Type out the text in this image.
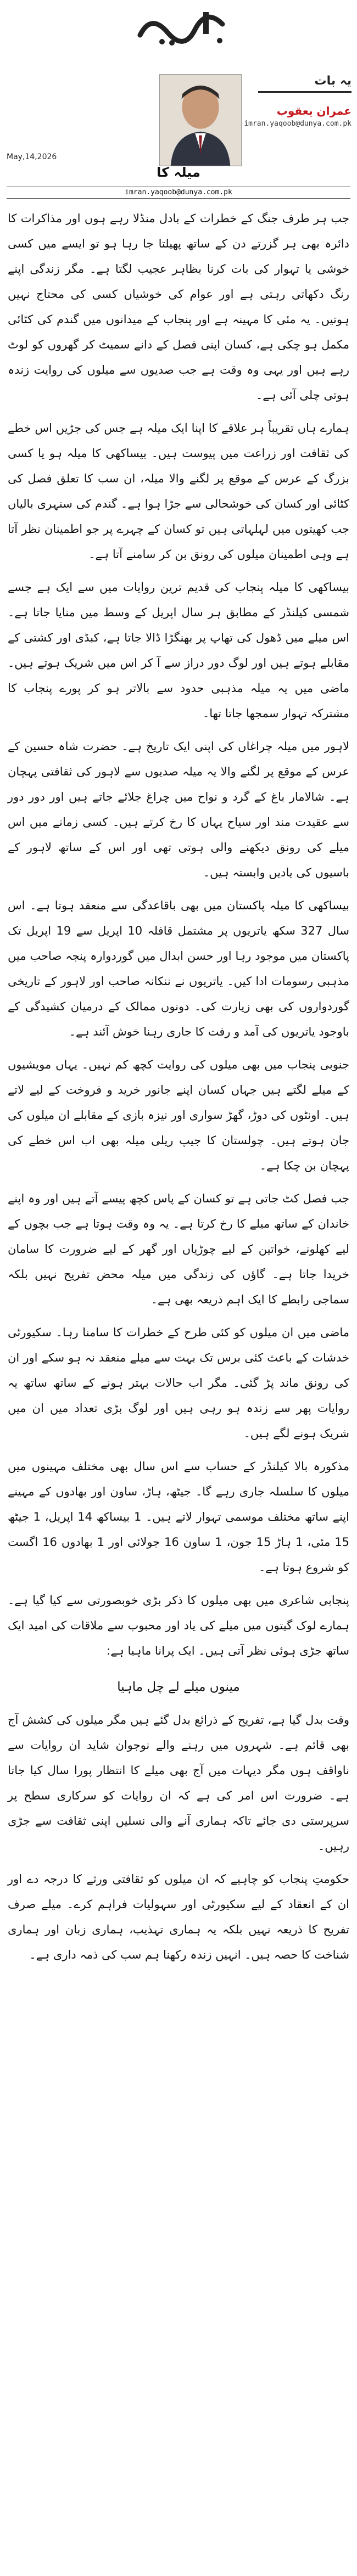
یہ بات
عمران یعقوب
imran.yaqoob@dunya.com.pk
May,14,2026
میلہ کا
imran.yaqoob@dunya.com.pk

جب ہر طرف جنگ کے خطرات کے بادل منڈلا رہے ہوں اور مذاکرات کا دائرہ بھی ہر گزرتے دن کے ساتھ پھیلتا جا رہا ہو تو ایسے میں کسی خوشی یا تہوار کی بات کرنا بظاہر عجیب لگتا ہے۔ مگر زندگی اپنے رنگ دکھاتی رہتی ہے اور عوام کی خوشیاں کسی کی محتاج نہیں ہوتیں۔ یہ مئی کا مہینہ ہے اور پنجاب کے میدانوں میں گندم کی کٹائی مکمل ہو چکی ہے، کسان اپنی فصل کے دانے سمیٹ کر گھروں کو لوٹ رہے ہیں اور یہی وہ وقت ہے جب صدیوں سے میلوں کی روایت زندہ ہوتی چلی آئی ہے۔

ہمارے ہاں تقریباً ہر علاقے کا اپنا ایک میلہ ہے جس کی جڑیں اس خطے کی ثقافت اور زراعت میں پیوست ہیں۔ بیساکھی کا میلہ ہو یا کسی بزرگ کے عرس کے موقع پر لگنے والا میلہ، ان سب کا تعلق فصل کی کٹائی اور کسان کی خوشحالی سے جڑا ہوا ہے۔ گندم کی سنہری بالیاں جب کھیتوں میں لہلہاتی ہیں تو کسان کے چہرے پر جو اطمینان نظر آتا ہے وہی اطمینان میلوں کی رونق بن کر سامنے آتا ہے۔

بیساکھی کا میلہ پنجاب کی قدیم ترین روایات میں سے ایک ہے جسے شمسی کیلنڈر کے مطابق ہر سال اپریل کے وسط میں منایا جاتا ہے۔ اس میلے میں ڈھول کی تھاپ پر بھنگڑا ڈالا جاتا ہے، کبڈی اور کشتی کے مقابلے ہوتے ہیں اور لوگ دور دراز سے آ کر اس میں شریک ہوتے ہیں۔ ماضی میں یہ میلہ مذہبی حدود سے بالاتر ہو کر پورے پنجاب کا مشترکہ تہوار سمجھا جاتا تھا۔

لاہور میں میلہ چراغاں کی اپنی ایک تاریخ ہے۔ حضرت شاہ حسین کے عرس کے موقع پر لگنے والا یہ میلہ صدیوں سے لاہور کی ثقافتی پہچان ہے۔ شالامار باغ کے گرد و نواح میں چراغ جلائے جاتے ہیں اور دور دور سے عقیدت مند اور سیاح یہاں کا رخ کرتے ہیں۔ کسی زمانے میں اس میلے کی رونق دیکھنے والی ہوتی تھی اور اس کے ساتھ لاہور کے باسیوں کی یادیں وابستہ ہیں۔

بیساکھی کا میلہ پاکستان میں بھی باقاعدگی سے منعقد ہوتا ہے۔ اس سال 327 سکھ یاتریوں پر مشتمل قافلہ 10 اپریل سے 19 اپریل تک پاکستان میں موجود رہا اور حسن ابدال میں گوردوارہ پنجہ صاحب میں مذہبی رسومات ادا کیں۔ یاتریوں نے ننکانہ صاحب اور لاہور کے تاریخی گوردواروں کی بھی زیارت کی۔ دونوں ممالک کے درمیان کشیدگی کے باوجود یاتریوں کی آمد و رفت کا جاری رہنا خوش آئند ہے۔

جنوبی پنجاب میں بھی میلوں کی روایت کچھ کم نہیں۔ یہاں مویشیوں کے میلے لگتے ہیں جہاں کسان اپنے جانور خرید و فروخت کے لیے لاتے ہیں۔ اونٹوں کی دوڑ، گھڑ سواری اور نیزہ بازی کے مقابلے ان میلوں کی جان ہوتے ہیں۔ چولستان کا جیپ ریلی میلہ بھی اب اس خطے کی پہچان بن چکا ہے۔

جب فصل کٹ جاتی ہے تو کسان کے پاس کچھ پیسے آتے ہیں اور وہ اپنے خاندان کے ساتھ میلے کا رخ کرتا ہے۔ یہ وہ وقت ہوتا ہے جب بچوں کے لیے کھلونے، خواتین کے لیے چوڑیاں اور گھر کے لیے ضرورت کا سامان خریدا جاتا ہے۔ گاؤں کی زندگی میں میلہ محض تفریح نہیں بلکہ سماجی رابطے کا ایک اہم ذریعہ بھی ہے۔

ماضی میں ان میلوں کو کئی طرح کے خطرات کا سامنا رہا۔ سکیورٹی خدشات کے باعث کئی برس تک بہت سے میلے منعقد نہ ہو سکے اور ان کی رونق ماند پڑ گئی۔ مگر اب حالات بہتر ہونے کے ساتھ ساتھ یہ روایات پھر سے زندہ ہو رہی ہیں اور لوگ بڑی تعداد میں ان میں شریک ہونے لگے ہیں۔

مذکورہ بالا کیلنڈر کے حساب سے اس سال بھی مختلف مہینوں میں میلوں کا سلسلہ جاری رہے گا۔ جیٹھ، ہاڑ، ساون اور بھادوں کے مہینے اپنے ساتھ مختلف موسمی تہوار لاتے ہیں۔ 1 بیساکھ 14 اپریل، 1 جیٹھ 15 مئی، 1 ہاڑ 15 جون، 1 ساون 16 جولائی اور 1 بھادوں 16 اگست کو شروع ہوتا ہے۔

پنجابی شاعری میں بھی میلوں کا ذکر بڑی خوبصورتی سے کیا گیا ہے۔ ہمارے لوک گیتوں میں میلے کی یاد اور محبوب سے ملاقات کی امید ایک ساتھ جڑی ہوئی نظر آتی ہیں۔ ایک پرانا ماہیا ہے:

مینوں میلے لے چل ماہیا

وقت بدل گیا ہے، تفریح کے ذرائع بدل گئے ہیں مگر میلوں کی کشش آج بھی قائم ہے۔ شہروں میں رہنے والے نوجوان شاید ان روایات سے ناواقف ہوں مگر دیہات میں آج بھی میلے کا انتظار پورا سال کیا جاتا ہے۔ ضرورت اس امر کی ہے کہ ان روایات کو سرکاری سطح پر سرپرستی دی جائے تاکہ ہماری آنے والی نسلیں اپنی ثقافت سے جڑی رہیں۔

حکومتِ پنجاب کو چاہیے کہ ان میلوں کو ثقافتی ورثے کا درجہ دے اور ان کے انعقاد کے لیے سکیورٹی اور سہولیات فراہم کرے۔ میلے صرف تفریح کا ذریعہ نہیں بلکہ یہ ہماری تہذیب، ہماری زبان اور ہماری شناخت کا حصہ ہیں۔ انہیں زندہ رکھنا ہم سب کی ذمہ داری ہے۔
